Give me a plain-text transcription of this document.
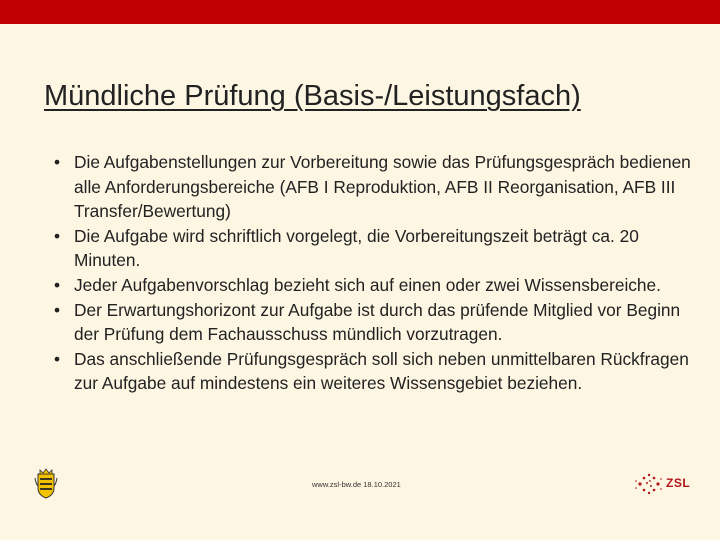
Mündliche Prüfung (Basis-/Leistungsfach)
• Die Aufgabenstellungen zur Vorbereitung sowie das Prüfungsgespräch bedienen alle Anforderungsbereiche (AFB I Reproduktion, AFB II Reorganisation, AFB III Transfer/Bewertung)
• Die Aufgabe wird schriftlich vorgelegt, die Vorbereitungszeit beträgt ca. 20 Minuten.
• Jeder Aufgabenvorschlag bezieht sich auf einen oder zwei Wissensbereiche.
• Der Erwartungshorizont zur Aufgabe ist durch das prüfende Mitglied vor Beginn der Prüfung dem Fachausschuss mündlich vorzutragen.
• Das anschließende Prüfungsgespräch soll sich neben unmittelbaren Rückfragen zur Aufgabe auf mindestens ein weiteres Wissensgebiet beziehen.
www.zsl-bw.de 18.10.2021	ZSL
